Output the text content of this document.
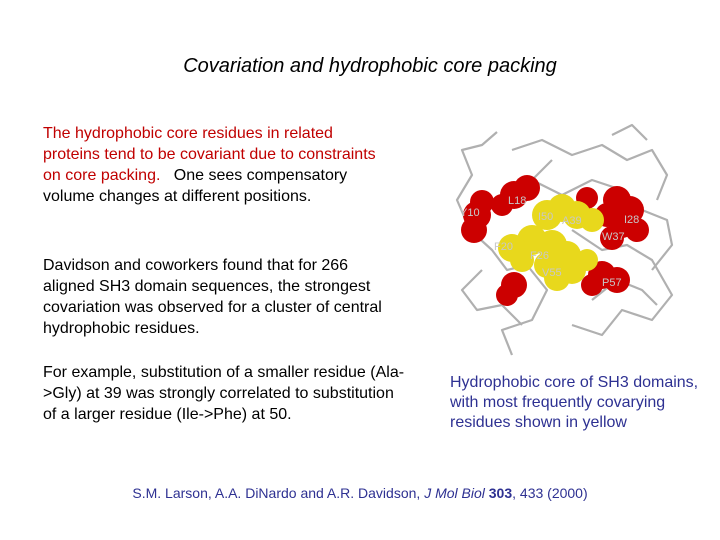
Covariation and hydrophobic core packing
The hydrophobic core residues in related proteins tend to be covariant due to constraints on core packing. One sees compensatory volume changes at different positions.
Davidson and coworkers found that for 266 aligned SH3 domain sequences, the strongest covariation was observed for a cluster of central hydrophobic residues.
For example, substitution of a smaller residue (Ala->Gly) at 39 was strongly correlated to substitution of a larger residue (Ile->Phe) at 50.
Y10
L18
I50 A39	I28
W37
F20
F26
V55
P57
Hydrophobic core of SH3 domains, with most frequently covarying residues shown in yellow
S.M. Larson, A.A. DiNardo and A.R. Davidson, J Mol Biol 303, 433 (2000)
